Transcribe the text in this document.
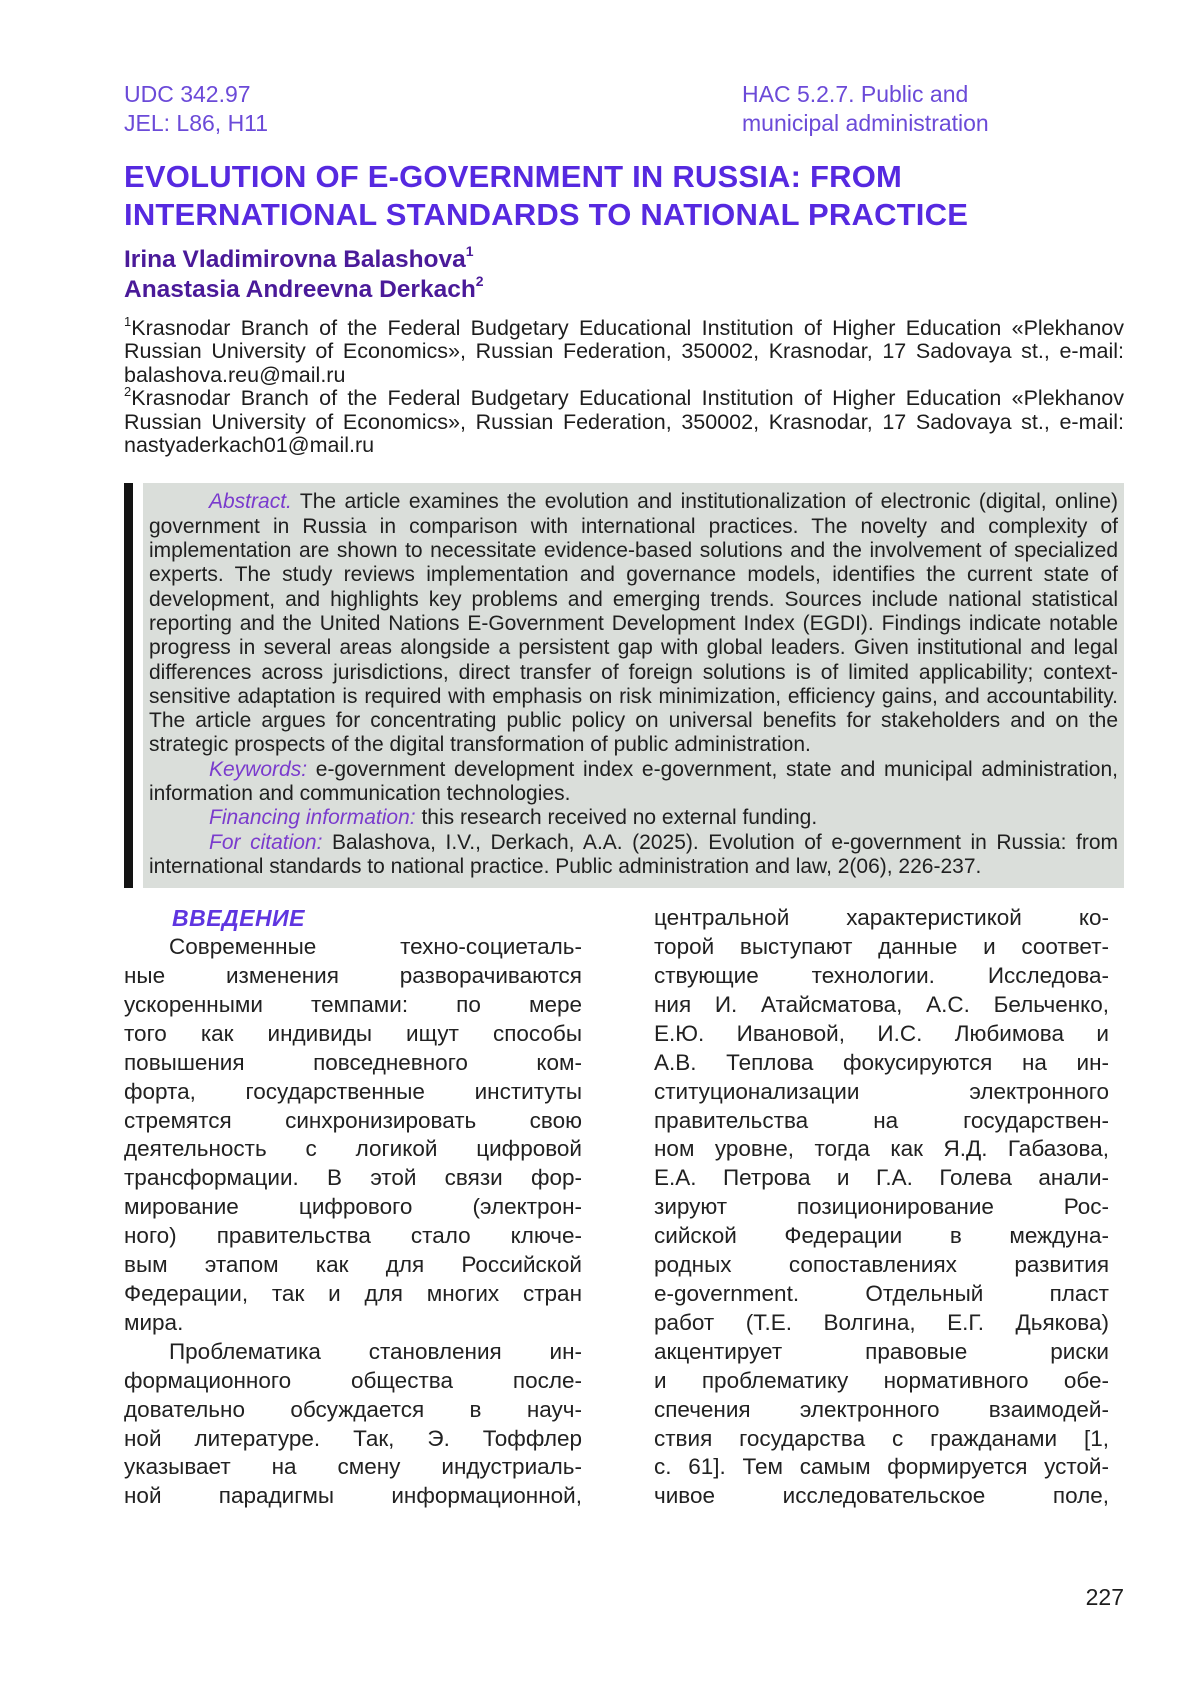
UDC 342.97
JEL: L86, H11
HAC 5.2.7. Public and
municipal administration
EVOLUTION OF E-GOVERNMENT IN RUSSIA: FROM INTERNATIONAL STANDARDS TO NATIONAL PRACTICE
Irina Vladimirovna Balashova$^1$
Anastasia Andreevna Derkach$^2$

$^1$Krasnodar Branch of the Federal Budgetary Educational Institution of Higher Education «Plekhanov Russian University of Economics», Russian Federation, 350002, Krasnodar, 17 Sadovaya st., e-mail: balashova.reu@mail.ru

$^2$Krasnodar Branch of the Federal Budgetary Educational Institution of Higher Education «Plekhanov Russian University of Economics», Russian Federation, 350002, Krasnodar, 17 Sadovaya st., e-mail: nastyaderkach01@mail.ru

Abstract. The article examines the evolution and institutionalization of electronic (digital, online) government in Russia in comparison with international practices. The novelty and complexity of implementation are shown to necessitate evidence-based solutions and the involvement of specialized experts. The study reviews implementation and governance models, identifies the current state of development, and highlights key problems and emerging trends. Sources include national statistical reporting and the United Nations E-Government Development Index (EGDI). Findings indicate notable progress in several areas alongside a persistent gap with global leaders. Given institutional and legal differences across jurisdictions, direct transfer of foreign solutions is of limited applicability; context-sensitive adaptation is required with emphasis on risk minimization, efficiency gains, and accountability. The article argues for concentrating public policy on universal benefits for stakeholders and on the strategic prospects of the digital transformation of public administration.

Keywords: e-government development index e-government, state and municipal administration, information and communication technologies.

Financing information: this research received no external funding.

For citation: Balashova, I.V., Derkach, A.A. (2025). Evolution of e-government in Russia: from international standards to national practice. Public administration and law, 2(06), 226-237.

ВВЕДЕНИЕ
Современные техно-социеталь-
ные изменения разворачиваются
ускоренными темпами: по мере
того как индивиды ищут способы
повышения повседневного ком-
форта, государственные институты
стремятся синхронизировать свою
деятельность с логикой цифровой
трансформации. В этой связи фор-
мирование цифрового (электрон-
ного) правительства стало ключе-
вым этапом как для Российской
Федерации, так и для многих стран
мира.
Проблематика становления ин-
формационного общества после-
довательно обсуждается в науч-
ной литературе. Так, Э. Тоффлер
указывает на смену индустриаль-
ной парадигмы информационной,
центральной характеристикой ко-
торой выступают данные и соответ-
ствующие технологии. Исследова-
ния И. Атайсматова, А.С. Бельченко,
Е.Ю. Ивановой, И.С. Любимова и
А.В. Теплова фокусируются на ин-
ституционализации электронного
правительства на государствен-
ном уровне, тогда как Я.Д. Габазова,
Е.А. Петрова и Г.А. Голева анали-
зируют позиционирование Рос-
сийской Федерации в междуна-
родных сопоставлениях развития
e-government. Отдельный пласт
работ (Т.Е. Волгина, Е.Г. Дьякова)
акцентирует правовые риски
и проблематику нормативного обе-
спечения электронного взаимодей-
ствия государства с гражданами [1,
с. 61]. Тем самым формируется устой-
чивое исследовательское поле,
227
